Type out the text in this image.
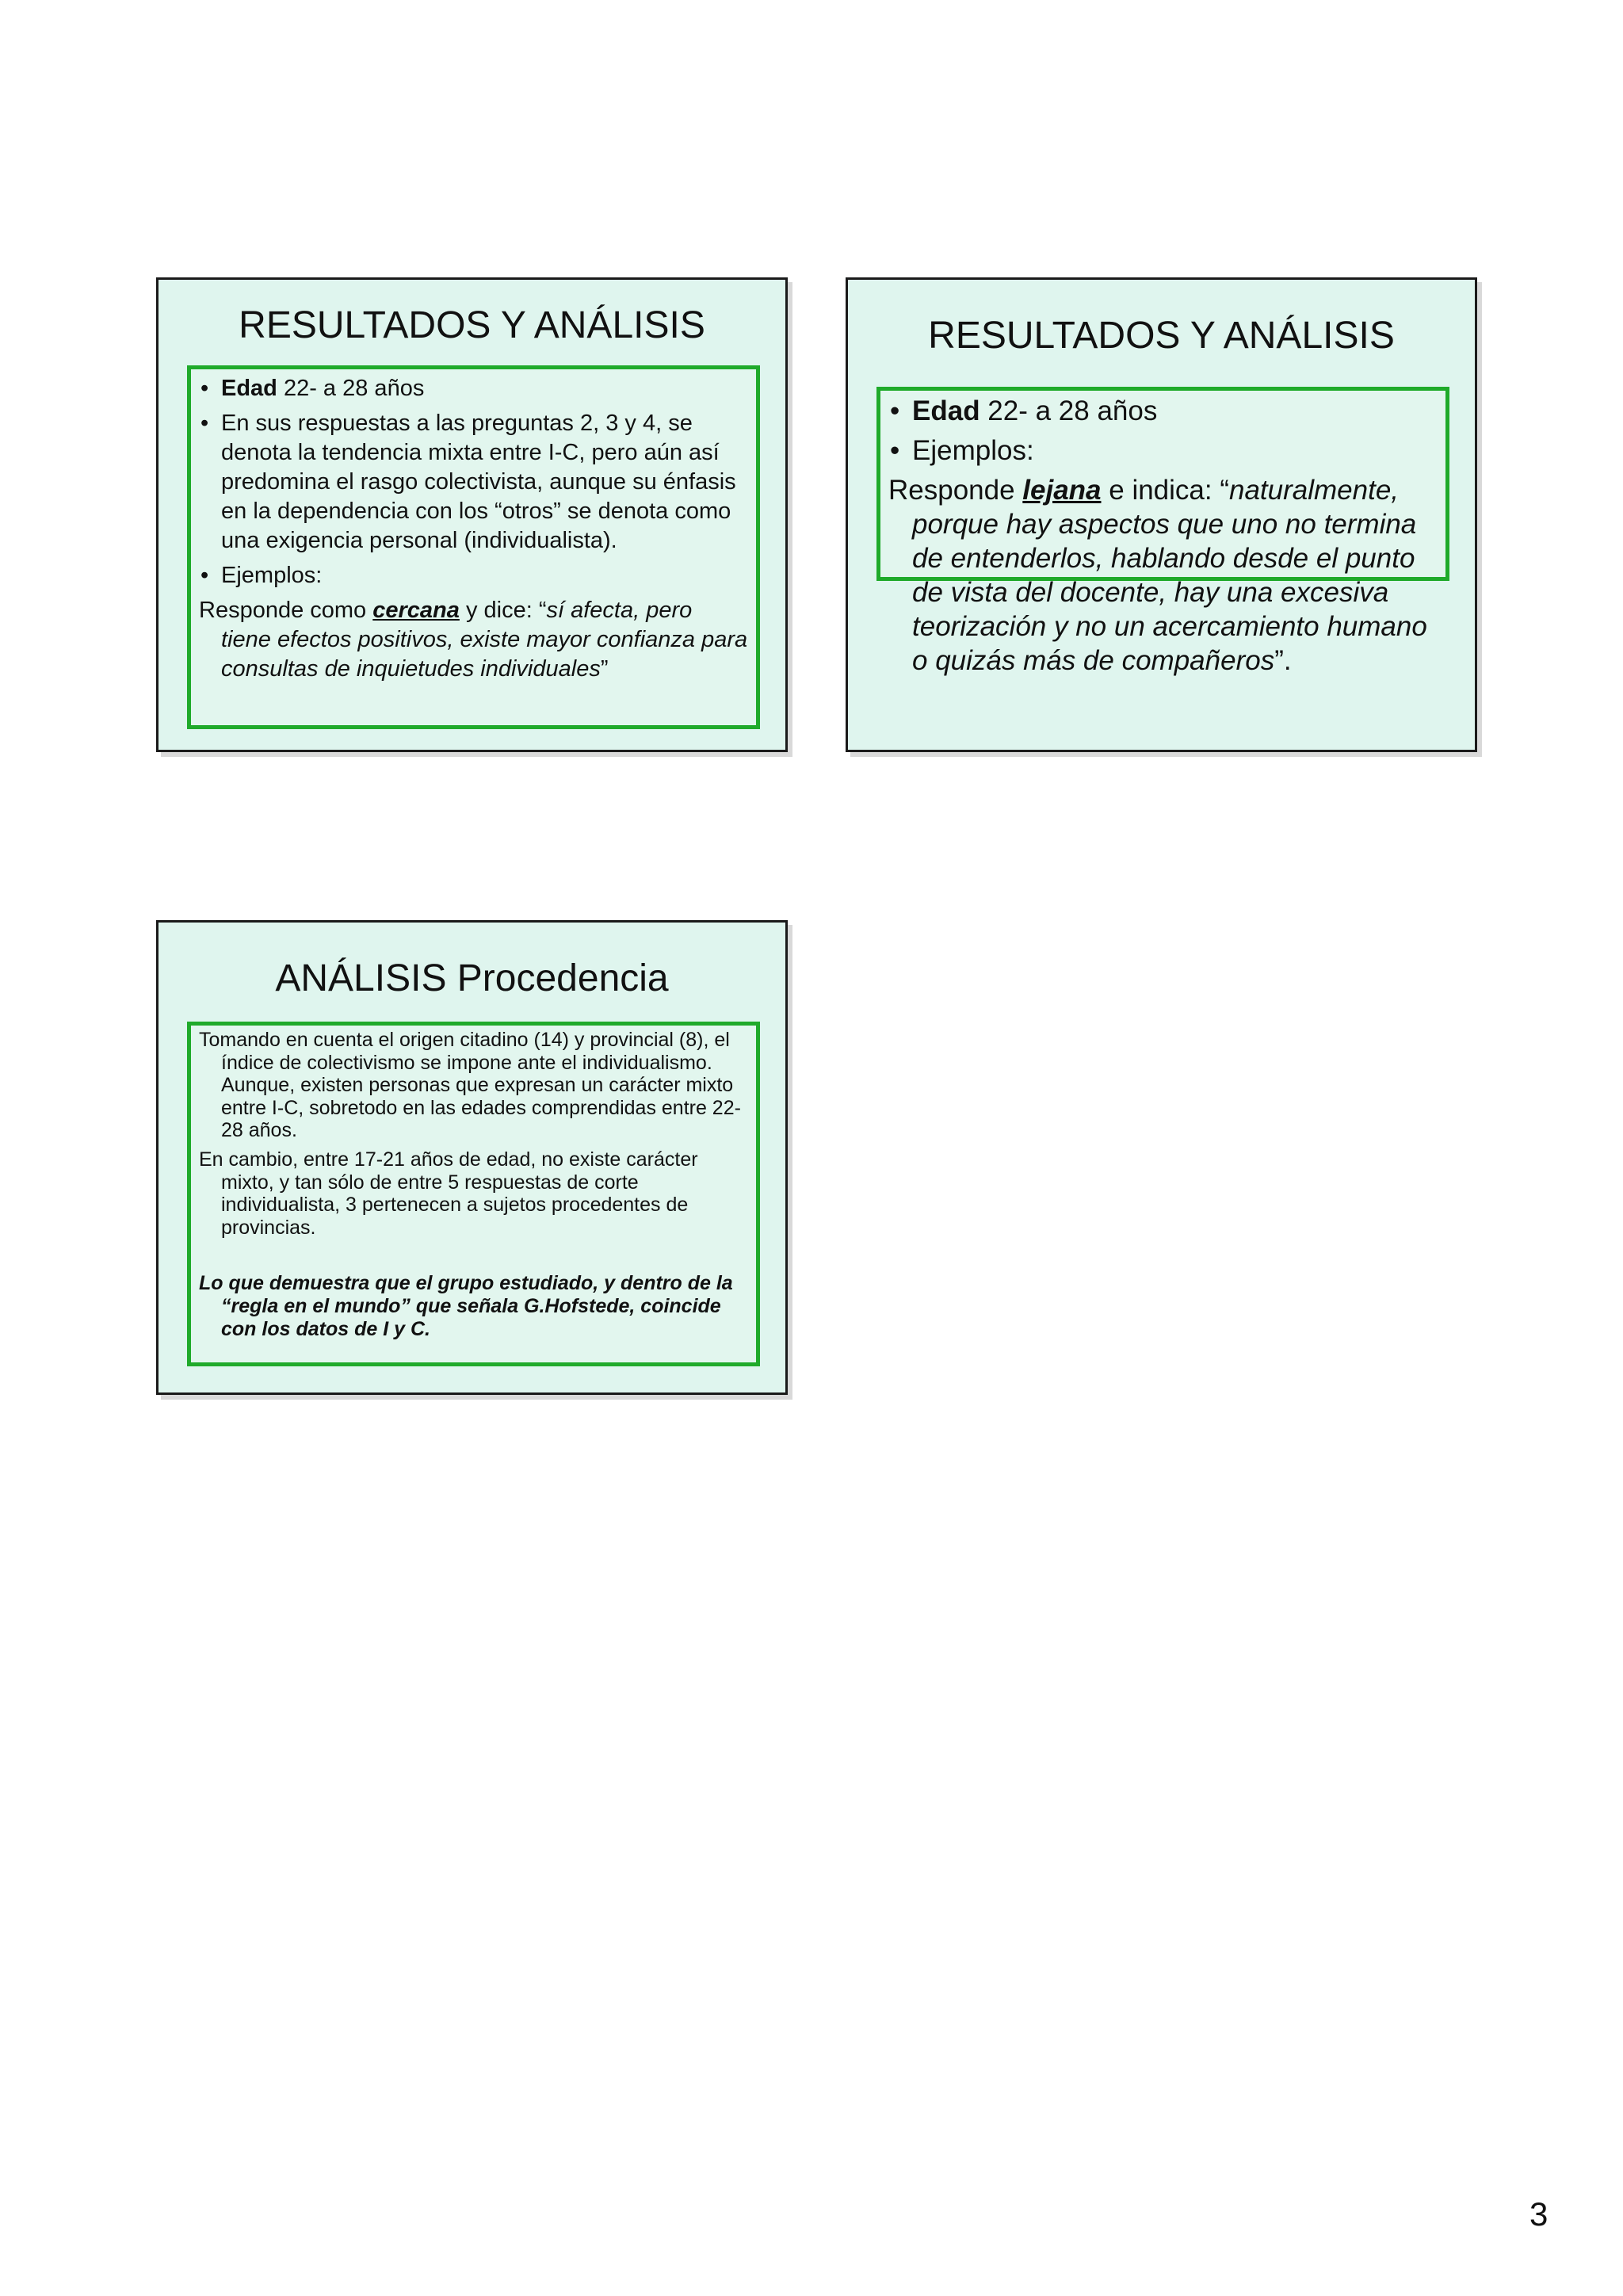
RESULTADOS Y ANÁLISIS

• Edad 22- a 28 años

• En sus respuestas a las preguntas 2, 3 y 4, se denota la tendencia mixta entre I-C, pero aún así predomina el rasgo colectivista, aunque su énfasis en la dependencia con los “otros” se denota como una exigencia personal (individualista).

• Ejemplos:

Responde como cercana y dice: “sí afecta, pero tiene efectos positivos, existe mayor confianza para consultas de inquietudes individuales”

RESULTADOS Y ANÁLISIS

• Edad 22- a 28 años

• Ejemplos:

Responde lejana e indica: “naturalmente, porque hay aspectos que uno no termina de entenderlos, hablando desde el punto de vista del docente, hay una excesiva teorización y no un acercamiento humano o quizás más de compañeros”.

ANÁLISIS Procedencia

Tomando en cuenta el origen citadino (14) y provincial (8), el índice de colectivismo se impone ante el individualismo. Aunque, existen personas que expresan un carácter mixto entre I-C, sobretodo en las edades comprendidas entre 22-28 años.

En cambio, entre 17-21 años de edad, no existe carácter mixto, y tan sólo de entre 5 respuestas de corte individualista, 3 pertenecen a sujetos procedentes de provincias.

Lo que demuestra que el grupo estudiado, y dentro de la “regla en el mundo” que señala G.Hofstede, coincide con los datos de I y C.

3
